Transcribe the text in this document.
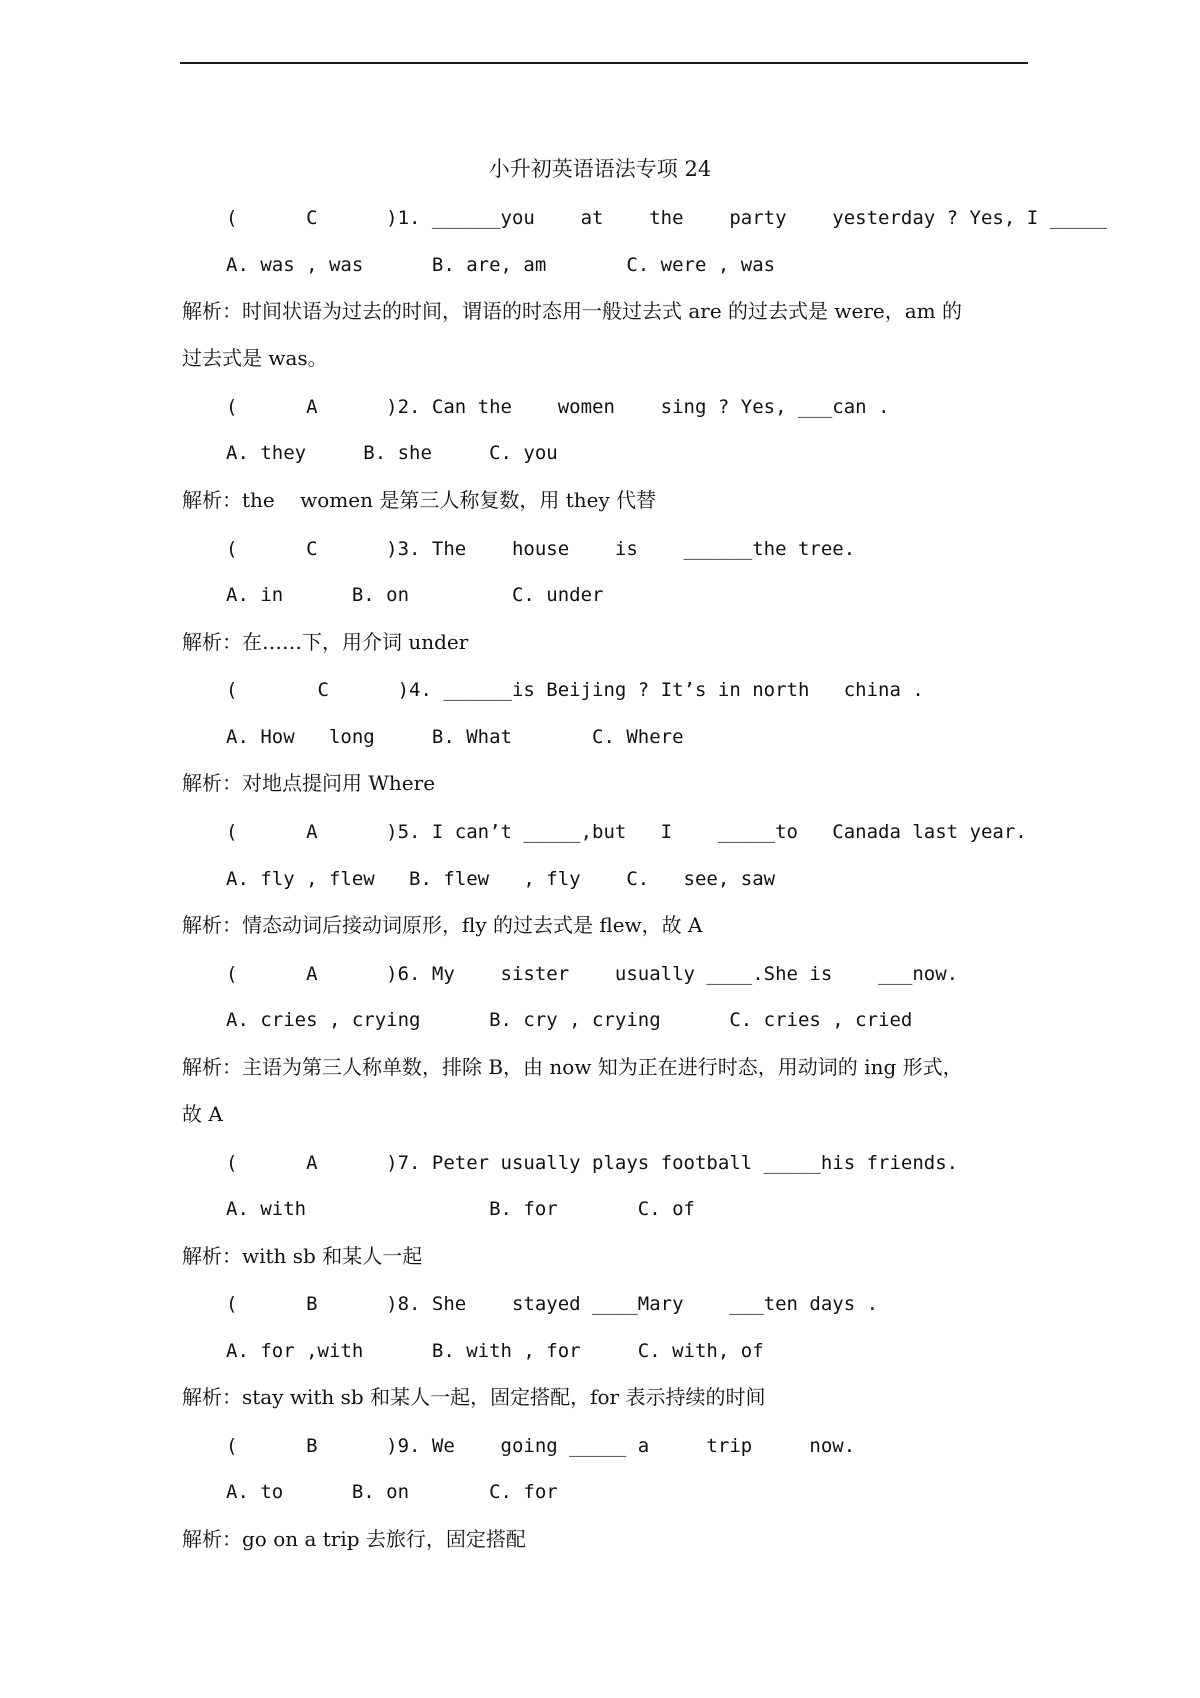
小升初英语语法专项 24
(      C      )1. ______you    at    the    party    yesterday ? Yes, I _____
A. was , was      B. are, am       C. were , was
解析：时间状语为过去的时间，谓语的时态用一般过去式 are 的过去式是 were，am 的
过去式是 was。
(      A      )2. Can the    women    sing ? Yes, ___can .
A. they     B. she     C. you
解析：the    women 是第三人称复数，用 they 代替
(      C      )3. The    house    is    ______the tree.
A. in      B. on         C. under
解析：在……下，用介词 under
(       C      )4. ______is Beijing ? It’s in north   china .
A. How   long     B. What       C. Where
解析：对地点提问用 Where
(      A      )5. I can’t _____,but   I    _____to   Canada last year.
A. fly , flew   B. flew   , fly    C.   see, saw
解析：情态动词后接动词原形，fly 的过去式是 flew，故 A
(      A      )6. My    sister    usually ____.She is    ___now.
A. cries , crying      B. cry , crying      C. cries , cried
解析：主语为第三人称单数，排除 B，由 now 知为正在进行时态，用动词的 ing 形式，
故 A
(      A      )7. Peter usually plays football _____his friends.
A. with                B. for       C. of
解析：with sb 和某人一起
(      B      )8. She    stayed ____Mary    ___ten days .
A. for ,with      B. with , for     C. with, of
解析：stay with sb 和某人一起，固定搭配，for 表示持续的时间
(      B      )9. We    going _____ a     trip     now.
A. to      B. on       C. for
解析：go on a trip 去旅行，固定搭配
